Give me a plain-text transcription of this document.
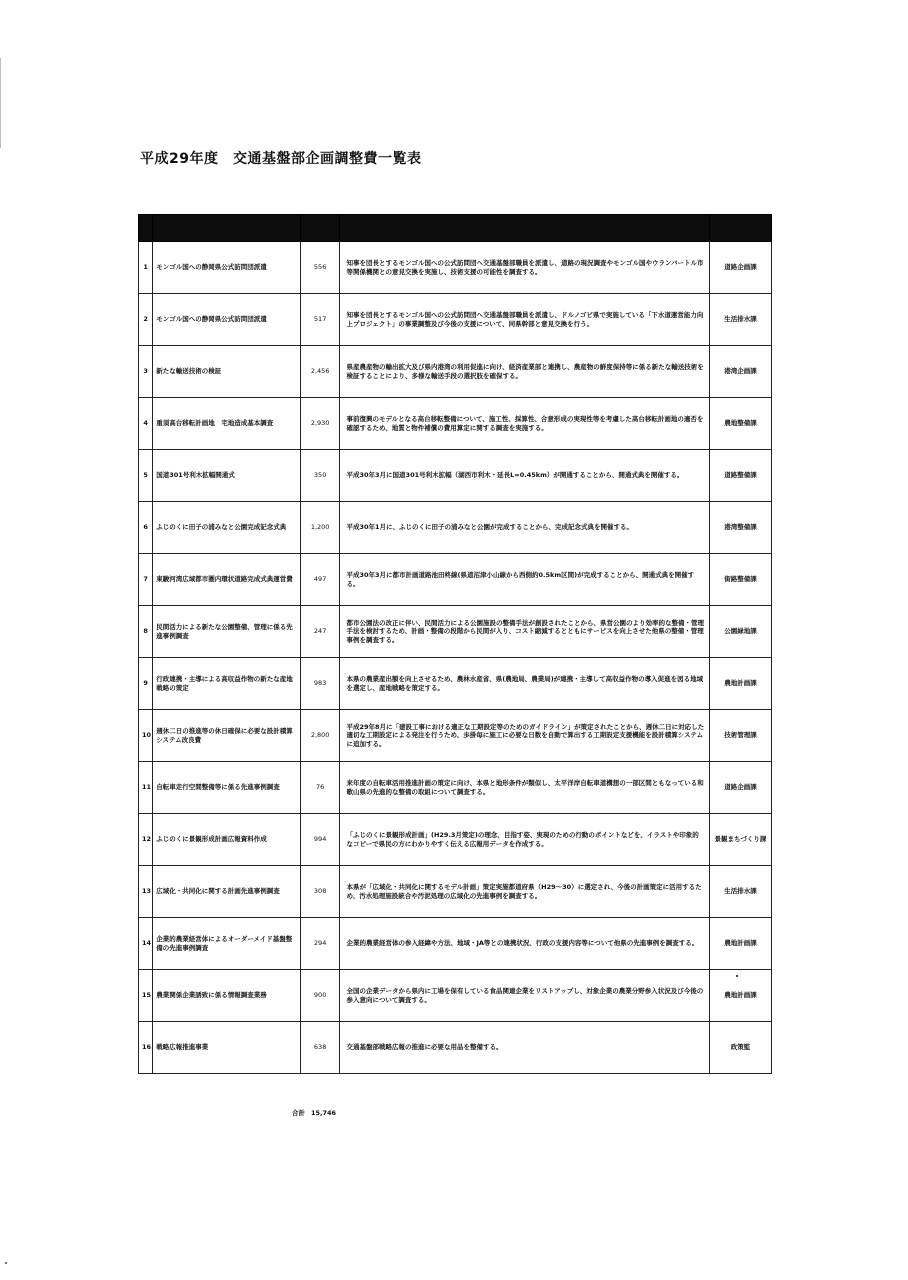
平成29年度　交通基盤部企画調整費一覧表

1	モンゴル国への静岡県公式訪問団派遣	556	知事を団長とするモンゴル国への公式訪問団へ交通基盤部職員を派遣し、道路の現況調査やモンゴル国やウランバートル市等関係機関との意見交換を実施し、技術支援の可能性を調査する。	道路企画課
2	モンゴル国への静岡県公式訪問団派遣	517	知事を団長とするモンゴル国への公式訪問団へ交通基盤部職員を派遣し、ドルノゴビ県で実施している「下水道運営能力向上プロジェクト」の事業調整及び今後の支援について、同県幹部と意見交換を行う。	生活排水課
3	新たな輸送技術の検証	2,456	県産農産物の輸出拡大及び県内港湾の利用促進に向け、経済産業部と連携し、農産物の鮮度保持等に係る新たな輸送技術を検証することにより、多様な輸送手段の選択肢を確保する。	港湾企画課
4	重須高台移転計画地　宅地造成基本調査	2,930	事前復興のモデルとなる高台移転整備について、施工性、採算性、合意形成の実現性等を考慮した高台移転計画地の適否を確認するため、地質と物件補償の費用算定に関する調査を実施する。	農地整備課
5	国道301号利木拡幅開通式	350	平成30年3月に国道301号利木拡幅（湖西市利木・延長L=0.45km）が開通することから、開通式典を開催する。	道路整備課
6	ふじのくに田子の浦みなと公園完成記念式典	1,200	平成30年1月に、ふじのくに田子の浦みなと公園が完成することから、完成記念式典を開催する。	港湾整備課
7	東駿河湾広域都市圏内環状道路完成式典運営費	497	平成30年3月に都市計画道路池田柊線(県道沼津小山線から西側約0.5km区間)が完成することから、開通式典を開催する。	街路整備課
8	民間活力による新たな公園整備、管理に係る先進事例調査	247	都市公園法の改正に伴い、民間活力による公園施設の整備手法が創設されたことから、県営公園のより効率的な整備・管理手法を検討するため、計画・整備の段階から民間が入り、コスト縮減するとともにサービスを向上させた他県の整備・管理事例を調査する。	公園緑地課
9	行政連携・主導による高収益作物の新たな産地戦略の策定	983	本県の農業産出額を向上させるため、農林水産省、県(農地局、農業局)が連携・主導して高収益作物の導入促進を図る地域を選定し、産地戦略を策定する。	農地計画課
10	週休二日の推進等の休日確保に必要な設計積算システム改良費	2,800	平成29年8月に「建設工事における適正な工期設定等のためのガイドライン」が策定されたことから、週休二日に対応した適切な工期設定による発注を行うため、歩掛毎に施工に必要な日数を自動で算出する工期設定支援機能を設計積算システムに追加する。	技術管理課
11	自転車走行空間整備等に係る先進事例調査	76	来年度の自転車活用推進計画の策定に向け、本県と地形条件が類似し、太平洋岸自転車道構想の一部区間ともなっている和歌山県の先進的な整備の取組について調査する。	道路企画課
12	ふじのくに景観形成計画広報資料作成	994	「ふじのくに景観形成計画」(H29.3月策定)の理念、目指す姿、実現のための行動のポイントなどを、イラストや印象的なコピーで県民の方にわかりやすく伝える広報用データを作成する。	景観まちづくり課
13	広域化・共同化に関する計画先進事例調査	308	本県が「広域化・共同化に関するモデル計画」策定実施都道府県（H29～30）に選定され、今後の計画策定に活用するため、汚水処理施設統合や汚泥処理の広域化の先進事例を調査する。	生活排水課
14	企業的農業経営体によるオーダーメイド基盤整備の先進事例調査	294	企業的農業経営体の参入経緯や方法、地域・JA等との連携状況、行政の支援内容等について他県の先進事例を調査する。	農地計画課
15	農業関係企業誘致に係る情報調査業務	900	全国の企業データから県内に工場を保有している食品関連企業をリストアップし、対象企業の農業分野参入状況及び今後の参入意向について調査する。	農地計画課
16	戦略広報推進事業	638	交通基盤部戦略広報の推進に必要な用品を整備する。	政策監
合計 15,746
